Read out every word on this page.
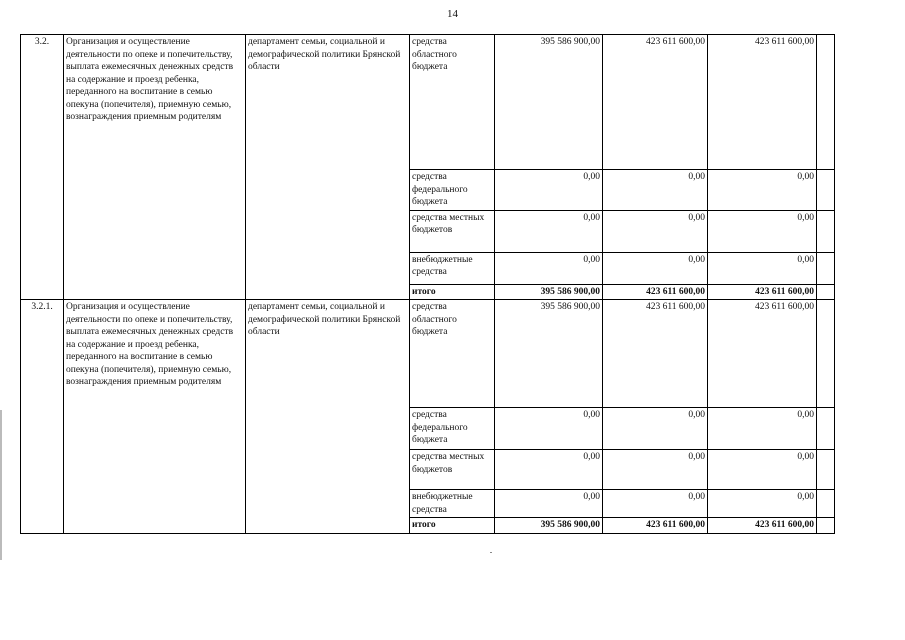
14
3.2.	Организация и осуществление деятельности по опеке и попечительству, выплата ежемесячных денежных средств на содержание и проезд ребенка, переданного на воспитание в семью опекуна (попечителя), приемную семью, вознаграждения приемным родителям	департамент семьи, социальной и демографической политики Брянской области	средства областного бюджета	395 586 900,00	423 611 600,00	423 611 600,00	
			средства федерального бюджета	0,00	0,00	0,00	
			средства местных бюджетов	0,00	0,00	0,00	
			внебюджетные средства	0,00	0,00	0,00	
			итого	395 586 900,00	423 611 600,00	423 611 600,00	
3.2.1.	Организация и осуществление деятельности по опеке и попечительству, выплата ежемесячных денежных средств на содержание и проезд ребенка, переданного на воспитание в семью опекуна (попечителя), приемную семью, вознаграждения приемным родителям	департамент семьи, социальной и демографической политики Брянской области	средства областного бюджета	395 586 900,00	423 611 600,00	423 611 600,00	
			средства федерального бюджета	0,00	0,00	0,00	
			средства местных бюджетов	0,00	0,00	0,00	
			внебюджетные средства	0,00	0,00	0,00	
			итого	395 586 900,00	423 611 600,00	423 611 600,00	
